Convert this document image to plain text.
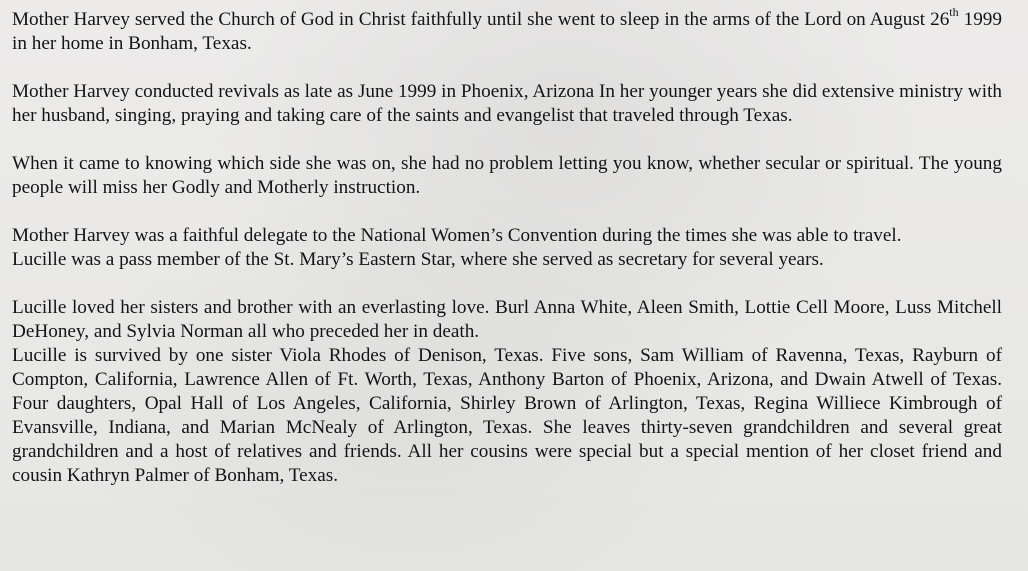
Mother Harvey served the Church of God in Christ faithfully until she went to sleep in the arms of the Lord on August 26th 1999 in her home in Bonham, Texas.

Mother Harvey conducted revivals as late as June 1999 in Phoenix, Arizona In her younger years she did extensive ministry with her husband, singing, praying and taking care of the saints and evangelist that traveled through Texas.

When it came to knowing which side she was on, she had no problem letting you know, whether secular or spiritual. The young people will miss her Godly and Motherly instruction.

Mother Harvey was a faithful delegate to the National Women’s Convention during the times she was able to travel.

Lucille was a pass member of the St. Mary’s Eastern Star, where she served as secretary for several years.

Lucille loved her sisters and brother with an everlasting love. Burl Anna White, Aleen Smith, Lottie Cell Moore, Luss Mitchell DeHoney, and Sylvia Norman all who preceded her in death.

Lucille is survived by one sister Viola Rhodes of Denison, Texas. Five sons, Sam William of Ravenna, Texas, Rayburn of Compton, California, Lawrence Allen of Ft. Worth, Texas, Anthony Barton of Phoenix, Arizona, and Dwain Atwell of Texas. Four daughters, Opal Hall of Los Angeles, California, Shirley Brown of Arlington, Texas, Regina Williece Kimbrough of Evansville, Indiana, and Marian McNealy of Arlington, Texas. She leaves thirty-seven grandchildren and several great grandchildren and a host of relatives and friends. All her cousins were special but a special mention of her closet friend and cousin Kathryn Palmer of Bonham, Texas.
